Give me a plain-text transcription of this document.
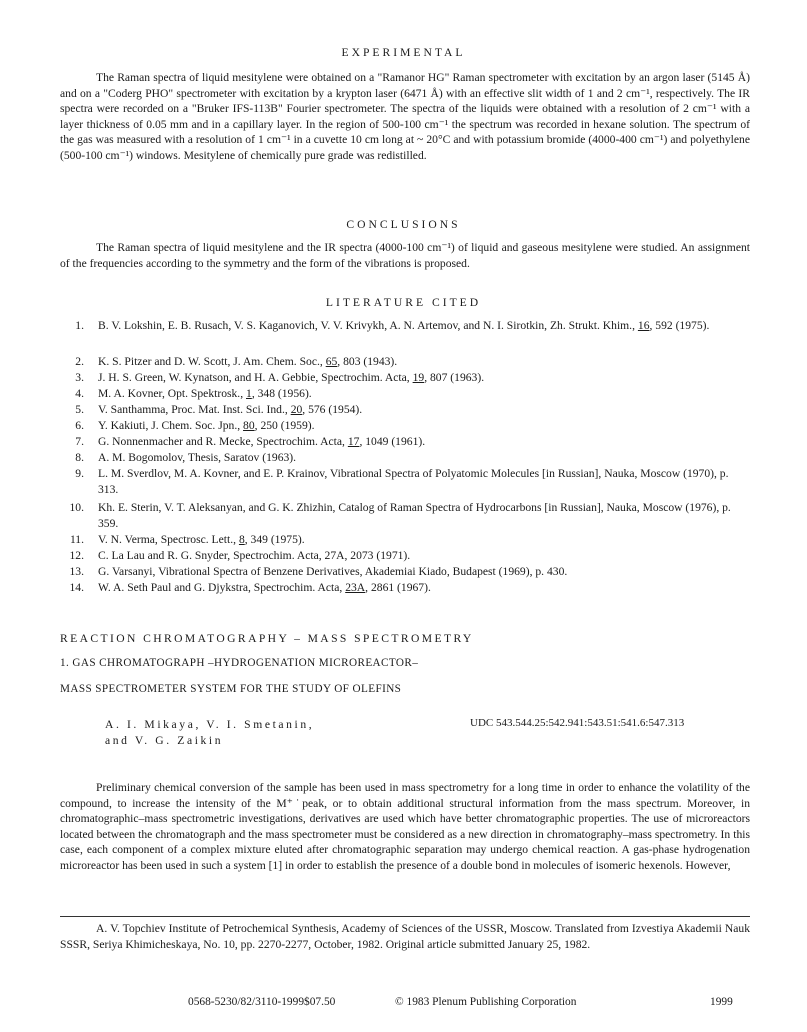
EXPERIMENTAL

The Raman spectra of liquid mesitylene were obtained on a "Ramanor HG" Raman spectrometer with excitation by an argon laser (5145 Å) and on a "Coderg PHO" spectrometer with excitation by a krypton laser (6471 Å) with an effective slit width of 1 and 2 cm⁻¹, respectively. The IR spectra were recorded on a "Bruker IFS-113B" Fourier spectrometer. The spectra of the liquids were obtained with a resolution of 2 cm⁻¹ with a layer thickness of 0.05 mm and in a capillary layer. In the region of 500-100 cm⁻¹ the spectrum was recorded in hexane solution. The spectrum of the gas was measured with a resolution of 1 cm⁻¹ in a cuvette 10 cm long at ~ 20°C and with potassium bromide (4000-400 cm⁻¹) and polyethylene (500-100 cm⁻¹) windows. Mesitylene of chemically pure grade was redistilled.

CONCLUSIONS

The Raman spectra of liquid mesitylene and the IR spectra (4000-100 cm⁻¹) of liquid and gaseous mesitylene were studied. An assignment of the frequencies according to the symmetry and the form of the vibrations is proposed.

LITERATURE CITED
1. B. V. Lokshin, E. B. Rusach, V. S. Kaganovich, V. V. Krivykh, A. N. Artemov, and N. I. Sirotkin, Zh. Strukt. Khim., 16, 592 (1975).
2. K. S. Pitzer and D. W. Scott, J. Am. Chem. Soc., 65, 803 (1943).
3. J. H. S. Green, W. Kynatson, and H. A. Gebbie, Spectrochim. Acta, 19, 807 (1963).
4. M. A. Kovner, Opt. Spektrosk., 1, 348 (1956).
5. V. Santhamma, Proc. Mat. Inst. Sci. Ind., 20, 576 (1954).
6. Y. Kakiuti, J. Chem. Soc. Jpn., 80, 250 (1959).
7. G. Nonnenmacher and R. Mecke, Spectrochim. Acta, 17, 1049 (1961).
8. A. M. Bogomolov, Thesis, Saratov (1963).
9. L. M. Sverdlov, M. A. Kovner, and E. P. Krainov, Vibrational Spectra of Polyatomic Molecules [in Russian], Nauka, Moscow (1970), p. 313.
10. Kh. E. Sterin, V. T. Aleksanyan, and G. K. Zhizhin, Catalog of Raman Spectra of Hydrocarbons [in Russian], Nauka, Moscow (1976), p. 359.
11. V. N. Verma, Spectrosc. Lett., 8, 349 (1975).
12. C. La Lau and R. G. Snyder, Spectrochim. Acta, 27A, 2073 (1971).
13. G. Varsanyi, Vibrational Spectra of Benzene Derivatives, Akademiai Kiado, Budapest (1969), p. 430.
14. W. A. Seth Paul and G. Djykstra, Spectrochim. Acta, 23A, 2861 (1967).
REACTION CHROMATOGRAPHY – MASS SPECTROMETRY
1. GAS CHROMATOGRAPH –HYDROGENATION MICROREACTOR–
MASS SPECTROMETER SYSTEM FOR THE STUDY OF OLEFINS
A. I. Mikaya, V. I. Smetanin,
and V. G. Zaikin
UDC 543.544.25:542.941:543.51:541.6:547.313

Preliminary chemical conversion of the sample has been used in mass spectrometry for a long time in order to enhance the volatility of the compound, to increase the intensity of the M⁺˙peak, or to obtain additional structural information from the mass spectrum. Moreover, in chromatographic–mass spectrometric investigations, derivatives are used which have better chromatographic properties. The use of microreactors located between the chromatograph and the mass spectrometer must be considered as a new direction in chromatography–mass spectrometry. In this case, each component of a complex mixture eluted after chromatographic separation may undergo chemical reaction. A gas-phase hydrogenation microreactor has been used in such a system [1] in order to establish the presence of a double bond in molecules of isomeric hexenols. However,

A. V. Topchiev Institute of Petrochemical Synthesis, Academy of Sciences of the USSR, Moscow. Translated from Izvestiya Akademii Nauk SSSR, Seriya Khimicheskaya, No. 10, pp. 2270-2277, October, 1982. Original article submitted January 25, 1982.

0568-5230/82/3110-1999$07.50	© 1983 Plenum Publishing Corporation	1999
